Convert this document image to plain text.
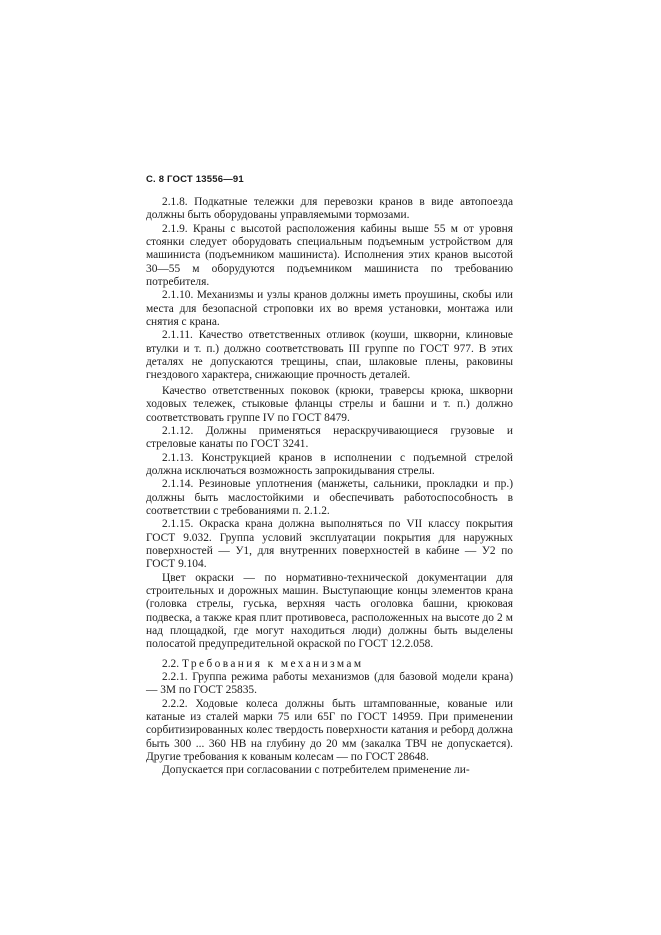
С. 8 ГОСТ 13556—91

2.1.8. Подкатные тележки для перевозки кранов в виде автопоезда должны быть оборудованы управляемыми тормозами.

2.1.9. Краны с высотой расположения кабины выше 55 м от уровня стоянки следует оборудовать специальным подъемным устройством для машиниста (подъемником машиниста). Исполнения этих кранов высотой 30—55 м оборудуются подъемником машиниста по требованию потребителя.

2.1.10. Механизмы и узлы кранов должны иметь проушины, скобы или места для безопасной строповки их во время установки, монтажа или снятия с крана.

2.1.11. Качество ответственных отливок (коуши, шкворни, клиновые втулки и т. п.) должно соответствовать III группе по ГОСТ 977. В этих деталях не допускаются трещины, спаи, шлаковые плены, раковины гнездового характера, снижающие прочность деталей.

Качество ответственных поковок (крюки, траверсы крюка, шкворни ходовых тележек, стыковые фланцы стрелы и башни и т. п.) должно соответствовать группе IV по ГОСТ 8479.

2.1.12. Должны применяться нераскручивающиеся грузовые и стреловые канаты по ГОСТ 3241.

2.1.13. Конструкцией кранов в исполнении с подъемной стрелой должна исключаться возможность запрокидывания стрелы.

2.1.14. Резиновые уплотнения (манжеты, сальники, прокладки и пр.) должны быть маслостойкими и обеспечивать работоспособность в соответствии с требованиями п. 2.1.2.

2.1.15. Окраска крана должна выполняться по VII классу покрытия ГОСТ 9.032. Группа условий эксплуатации покрытия для наружных поверхностей — У1, для внутренних поверхностей в кабине — У2 по ГОСТ 9.104.

Цвет окраски — по нормативно-технической документации для строительных и дорожных машин. Выступающие концы элементов крана (головка стрелы, гуська, верхняя часть оголовка башни, крюковая подвеска, а также края плит противовеса, расположенных на высоте до 2 м над площадкой, где могут находиться люди) должны быть выделены полосатой предупредительной окраской по ГОСТ 12.2.058.

2.2. Требования к механизмам

2.2.1. Группа режима работы механизмов (для базовой модели крана) — 3М по ГОСТ 25835.

2.2.2. Ходовые колеса должны быть штампованные, кованые или катаные из сталей марки 75 или 65Г по ГОСТ 14959. При применении сорбитизированных колес твердость поверхности катания и реборд должна быть 300 ... 360 НВ на глубину до 20 мм (закалка ТВЧ не допускается). Другие требования к кованым колесам — по ГОСТ 28648.

Допускается при согласовании с потребителем применение ли-
